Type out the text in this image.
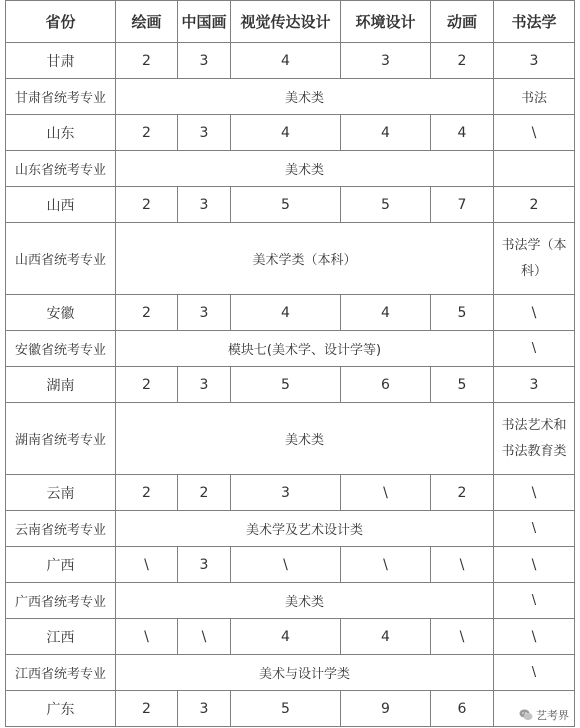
省份	绘画	中国画	视觉传达设计	环境设计	动画	书法学
甘肃	2	3	4	3	2	3
甘肃省统考专业	美术类					书法
山东	2	3	4	4	4	\
山东省统考专业	美术类					
山西	2	3	5	5	7	2
山西省统考专业	美术学类（本科）					书法学（本科）
安徽	2	3	4	4	5	\
安徽省统考专业	模块七(美术学、设计学等)					\
湖南	2	3	5	6	5	3
湖南省统考专业	美术类					书法艺术和书法教育类
云南	2	2	3	\	2	\
云南省统考专业	美术学及艺术设计类					\
广西	\	3	\	\	\	\
广西省统考专业	美术类					\
江西	\	\	4	4	\	\
江西省统考专业	美术与设计学类					\
广东	2	3	5	9	6		艺考界
